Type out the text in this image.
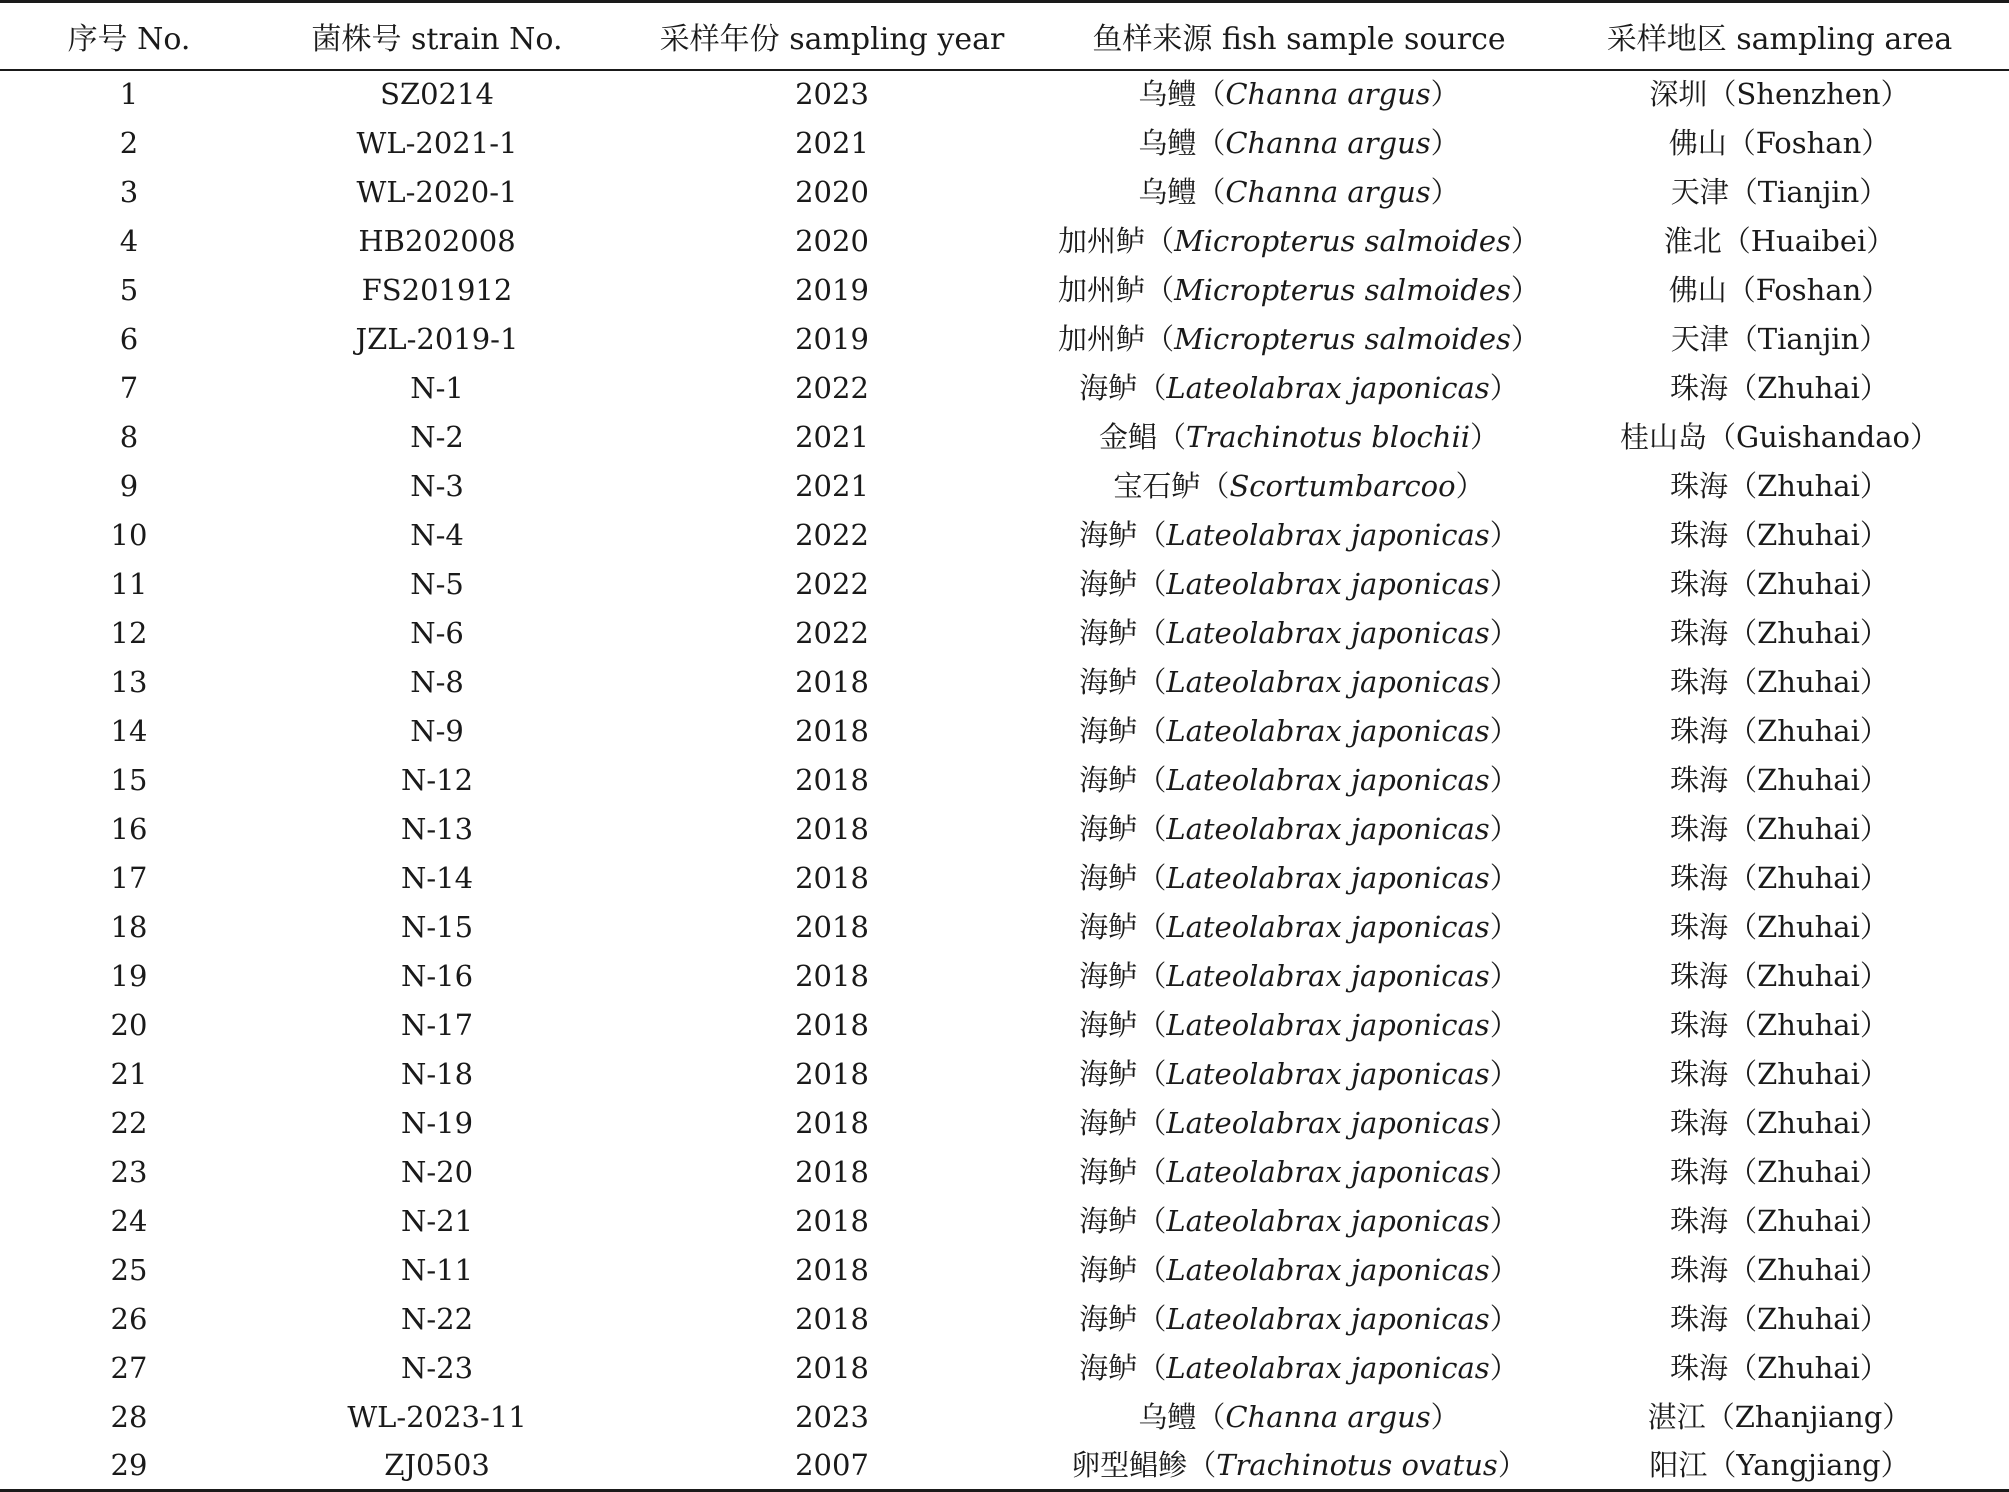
序号 No.	菌株号 strain No.	采样年份 sampling year	鱼样来源 fish sample source	采样地区 sampling area
1	SZ0214	2023	乌鳢（Channa argus）	深圳（Shenzhen）
2	WL-2021-1	2021	乌鳢（Channa argus）	佛山（Foshan）
3	WL-2020-1	2020	乌鳢（Channa argus）	天津（Tianjin）
4	HB202008	2020	加州鲈（Micropterus salmoides）	淮北（Huaibei）
5	FS201912	2019	加州鲈（Micropterus salmoides）	佛山（Foshan）
6	JZL-2019-1	2019	加州鲈（Micropterus salmoides）	天津（Tianjin）
7	N-1	2022	海鲈（Lateolabrax japonicas）	珠海（Zhuhai）
8	N-2	2021	金鲳（Trachinotus blochii）	桂山岛（Guishandao）
9	N-3	2021	宝石鲈（Scortumbarcoo）	珠海（Zhuhai）
10	N-4	2022	海鲈（Lateolabrax japonicas）	珠海（Zhuhai）
11	N-5	2022	海鲈（Lateolabrax japonicas）	珠海（Zhuhai）
12	N-6	2022	海鲈（Lateolabrax japonicas）	珠海（Zhuhai）
13	N-8	2018	海鲈（Lateolabrax japonicas）	珠海（Zhuhai）
14	N-9	2018	海鲈（Lateolabrax japonicas）	珠海（Zhuhai）
15	N-12	2018	海鲈（Lateolabrax japonicas）	珠海（Zhuhai）
16	N-13	2018	海鲈（Lateolabrax japonicas）	珠海（Zhuhai）
17	N-14	2018	海鲈（Lateolabrax japonicas）	珠海（Zhuhai）
18	N-15	2018	海鲈（Lateolabrax japonicas）	珠海（Zhuhai）
19	N-16	2018	海鲈（Lateolabrax japonicas）	珠海（Zhuhai）
20	N-17	2018	海鲈（Lateolabrax japonicas）	珠海（Zhuhai）
21	N-18	2018	海鲈（Lateolabrax japonicas）	珠海（Zhuhai）
22	N-19	2018	海鲈（Lateolabrax japonicas）	珠海（Zhuhai）
23	N-20	2018	海鲈（Lateolabrax japonicas）	珠海（Zhuhai）
24	N-21	2018	海鲈（Lateolabrax japonicas）	珠海（Zhuhai）
25	N-11	2018	海鲈（Lateolabrax japonicas）	珠海（Zhuhai）
26	N-22	2018	海鲈（Lateolabrax japonicas）	珠海（Zhuhai）
27	N-23	2018	海鲈（Lateolabrax japonicas）	珠海（Zhuhai）
28	WL-2023-11	2023	乌鳢（Channa argus）	湛江（Zhanjiang）
29	ZJ0503	2007	卵型鲳鲹（Trachinotus ovatus）	阳江（Yangjiang）
